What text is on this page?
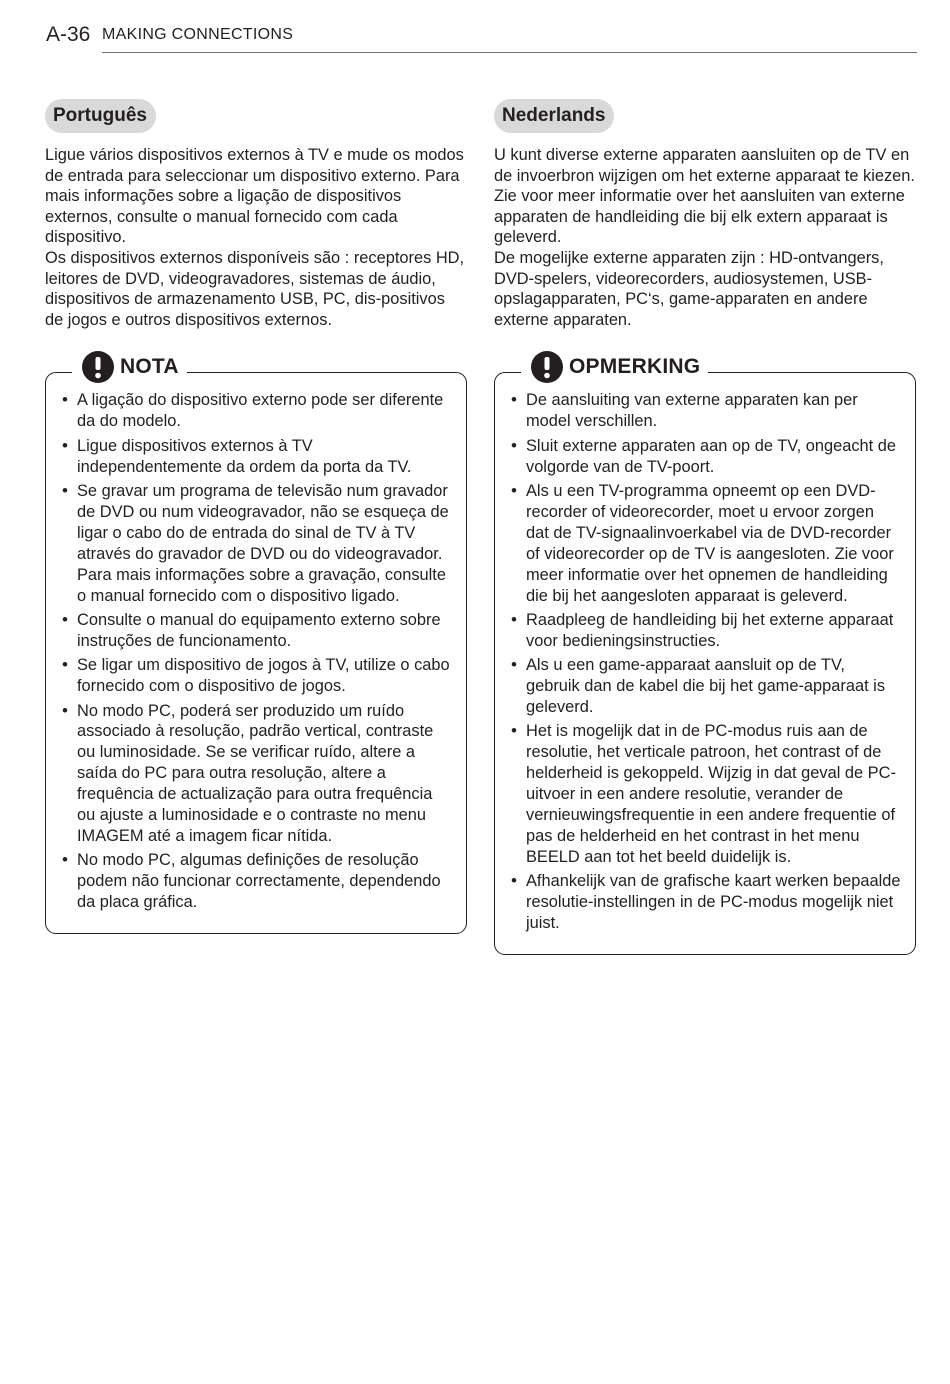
A-36 MAKING CONNECTIONS
Português

Ligue vários dispositivos externos à TV e mude os modos de entrada para seleccionar um dispositivo externo. Para mais informações sobre a ligação de dispositivos externos, consulte o manual fornecido com cada dispositivo.

Os dispositivos externos disponíveis são : receptores HD, leitores de DVD, videogravadores, sistemas de áudio, dispositivos de armazenamento USB, PC, dis-positivos de jogos e outros dispositivos externos.

NOTA
• A ligação do dispositivo externo pode ser diferente da do modelo.
• Ligue dispositivos externos à TV independentemente da ordem da porta da TV.
• Se gravar um programa de televisão num gravador de DVD ou num videogravador, não se esqueça de ligar o cabo do de entrada do sinal de TV à TV através do gravador de DVD ou do videogravador. Para mais informações sobre a gravação, consulte o manual fornecido com o dispositivo ligado.
• Consulte o manual do equipamento externo sobre instruções de funcionamento.
• Se ligar um dispositivo de jogos à TV, utilize o cabo fornecido com o dispositivo de jogos.
• No modo PC, poderá ser produzido um ruído associado à resolução, padrão vertical, contraste ou luminosidade. Se se verificar ruído, altere a saída do PC para outra resolução, altere a frequência de actualização para outra frequência ou ajuste a luminosidade e o contraste no menu IMAGEM até a imagem ficar nítida.
• No modo PC, algumas definições de resolução podem não funcionar correctamente, dependendo da placa gráfica.
Nederlands

U kunt diverse externe apparaten aansluiten op de TV en de invoerbron wijzigen om het externe apparaat te kiezen. Zie voor meer informatie over het aansluiten van externe apparaten de handleiding die bij elk extern apparaat is geleverd.

De mogelijke externe apparaten zijn : HD-ontvangers, DVD-spelers, videorecorders, audiosystemen, USB-opslagapparaten, PC‘s, game-apparaten en andere externe apparaten.

OPMERKING
• De aansluiting van externe apparaten kan per model verschillen.
• Sluit externe apparaten aan op de TV, ongeacht de volgorde van de TV-poort.
• Als u een TV-programma opneemt op een DVD-recorder of videorecorder, moet u ervoor zorgen dat de TV-signaalinvoerkabel via de DVD-recorder of videorecorder op de TV is aangesloten. Zie voor meer informatie over het opnemen de handleiding die bij het aangesloten apparaat is geleverd.
• Raadpleeg de handleiding bij het externe apparaat voor bedieningsinstructies.
• Als u een game-apparaat aansluit op de TV, gebruik dan de kabel die bij het game-apparaat is geleverd.
• Het is mogelijk dat in de PC-modus ruis aan de resolutie, het verticale patroon, het contrast of de helderheid is gekoppeld. Wijzig in dat geval de PC-uitvoer in een andere resolutie, verander de vernieuwingsfrequentie in een andere frequentie of pas de helderheid en het contrast in het menu BEELD aan tot het beeld duidelijk is.
• Afhankelijk van de grafische kaart werken bepaalde resolutie-instellingen in de PC-modus mogelijk niet juist.
